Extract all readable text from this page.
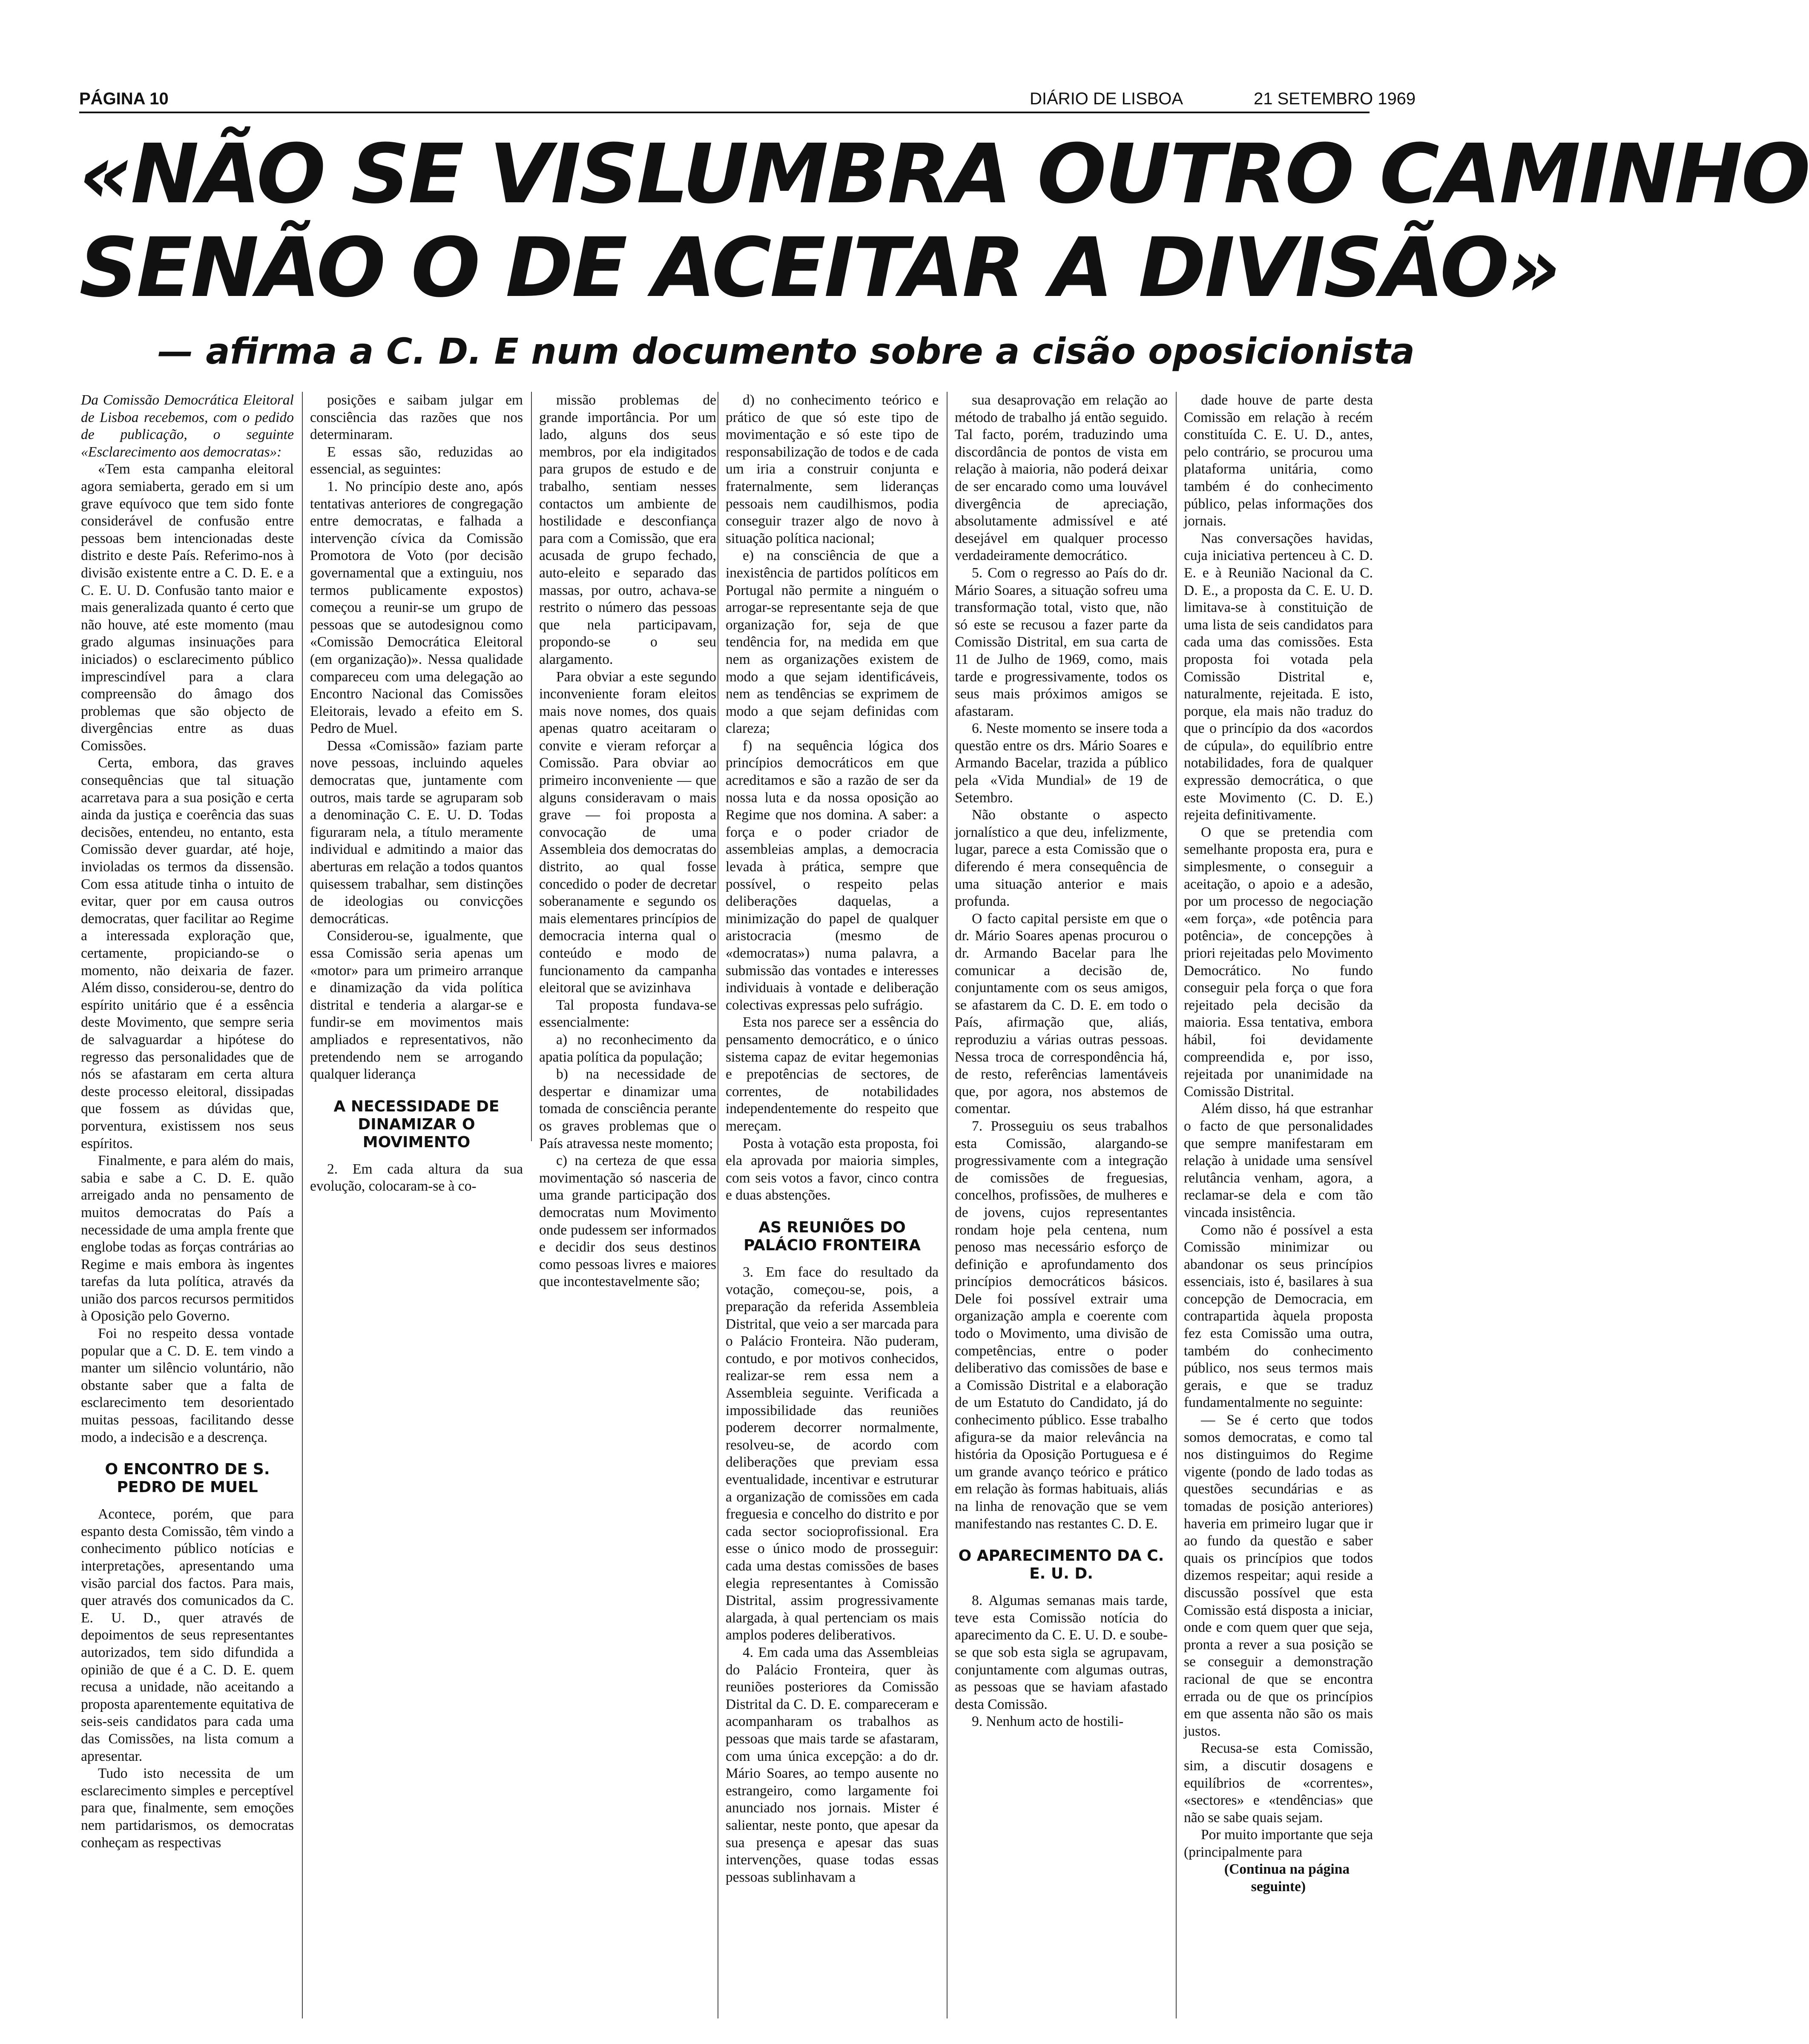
PÁGINA 10	DIÁRIO DE LISBOA	21 SETEMBRO 1969
«NÃO SE VISLUMBRA OUTRO CAMINHO
SENÃO O DE ACEITAR A DIVISÃO»
— afirma a C. D. E num documento sobre a cisão oposicionista

Da Comissão Democrática Eleitoral de Lisboa recebemos, com o pedido de publicação, o seguinte «Esclarecimento aos democratas»:

«Tem esta campanha eleitoral agora semiaberta, gerado em si um grave equívoco que tem sido fonte considerável de confusão entre pessoas bem intencionadas deste distrito e deste País. Referimo-nos à divisão existente entre a C. D. E. e a C. E. U. D. Confusão tanto maior e mais generalizada quanto é certo que não houve, até este momento (mau grado algumas insinuações para iniciados) o esclarecimento público imprescindível para a clara compreensão do âmago dos problemas que são objecto de divergências entre as duas Comissões.

Certa, embora, das graves consequências que tal situação acarretava para a sua posição e certa ainda da justiça e coerência das suas decisões, entendeu, no entanto, esta Comissão dever guardar, até hoje, invioladas os termos da dissensão. Com essa atitude tinha o intuito de evitar, quer por em causa outros democratas, quer facilitar ao Regime a interessada exploração que, certamente, propiciando-se o momento, não deixaria de fazer. Além disso, considerou-se, dentro do espírito unitário que é a essência deste Movimento, que sempre seria de salvaguardar a hipótese do regresso das personalidades que de nós se afastaram em certa altura deste processo eleitoral, dissipadas que fossem as dúvidas que, porventura, existissem nos seus espíritos.

Finalmente, e para além do mais, sabia e sabe a C. D. E. quão arreigado anda no pensamento de muitos democratas do País a necessidade de uma ampla frente que englobe todas as forças contrárias ao Regime e mais embora às ingentes tarefas da luta política, através da união dos parcos recursos permitidos à Oposição pelo Governo.

Foi no respeito dessa vontade popular que a C. D. E. tem vindo a manter um silêncio voluntário, não obstante saber que a falta de esclarecimento tem desorientado muitas pessoas, facilitando desse modo, a indecisão e a descrença.

O ENCONTRO DE S. PEDRO DE MUEL

Acontece, porém, que para espanto desta Comissão, têm vindo a conhecimento público notícias e interpretações, apresentando uma visão parcial dos factos. Para mais, quer através dos comunicados da C. E. U. D., quer através de depoimentos de seus representantes autorizados, tem sido difundida a opinião de que é a C. D. E. quem recusa a unidade, não aceitando a proposta aparentemente equitativa de seis-seis candidatos para cada uma das Comissões, na lista comum a apresentar.

Tudo isto necessita de um esclarecimento simples e perceptível para que, finalmente, sem emoções nem partidarismos, os democratas conheçam as respectivas

posições e saibam julgar em consciência das razões que nos determinaram.

E essas são, reduzidas ao essencial, as seguintes:

1. No princípio deste ano, após tentativas anteriores de congregação entre democratas, e falhada a intervenção cívica da Comissão Promotora de Voto (por decisão governamental que a extinguiu, nos termos publicamente expostos) começou a reunir-se um grupo de pessoas que se autodesignou como «Comissão Democrática Eleitoral (em organização)». Nessa qualidade compareceu com uma delegação ao Encontro Nacional das Comissões Eleitorais, levado a efeito em S. Pedro de Muel.

Dessa «Comissão» faziam parte nove pessoas, incluindo aqueles democratas que, juntamente com outros, mais tarde se agruparam sob a denominação C. E. U. D. Todas figuraram nela, a título meramente individual e admitindo a maior das aberturas em relação a todos quantos quisessem trabalhar, sem distinções de ideologias ou convicções democráticas.

Considerou-se, igualmente, que essa Comissão seria apenas um «motor» para um primeiro arranque e dinamização da vida política distrital e tenderia a alargar-se e fundir-se em movimentos mais ampliados e representativos, não pretendendo nem se arrogando qualquer liderança

A NECESSIDADE DE DINAMIZAR O MOVIMENTO

2. Em cada altura da sua evolução, colocaram-se à co-

missão problemas de grande importância. Por um lado, alguns dos seus membros, por ela indigitados para grupos de estudo e de trabalho, sentiam nesses contactos um ambiente de hostilidade e desconfiança para com a Comissão, que era acusada de grupo fechado, auto-eleito e separado das massas, por outro, achava-se restrito o número das pessoas que nela participavam, propondo-se o seu alargamento.

Para obviar a este segundo inconveniente foram eleitos mais nove nomes, dos quais apenas quatro aceitaram o convite e vieram reforçar a Comissão. Para obviar ao primeiro inconveniente — que alguns consideravam o mais grave — foi proposta a convocação de uma Assembleia dos democratas do distrito, ao qual fosse concedido o poder de decretar soberanamente e segundo os mais elementares princípios de democracia interna qual o conteúdo e modo de funcionamento da campanha eleitoral que se avizinhava

Tal proposta fundava-se essencialmente:

a) no reconhecimento da apatia política da população;

b) na necessidade de despertar e dinamizar uma tomada de consciência perante os graves problemas que o País atravessa neste momento;

c) na certeza de que essa movimentação só nasceria de uma grande participação dos democratas num Movimento onde pudessem ser informados e decidir dos seus destinos como pessoas livres e maiores que incontestavelmente são;

d) no conhecimento teórico e prático de que só este tipo de movimentação e só este tipo de responsabilização de todos e de cada um iria a construir conjunta e fraternalmente, sem lideranças pessoais nem caudilhismos, podia conseguir trazer algo de novo à situação política nacional;

e) na consciência de que a inexistência de partidos políticos em Portugal não permite a ninguém o arrogar-se representante seja de que organização for, seja de que tendência for, na medida em que nem as organizações existem de modo a que sejam identificáveis, nem as tendências se exprimem de modo a que sejam definidas com clareza;

f) na sequência lógica dos princípios democráticos em que acreditamos e são a razão de ser da nossa luta e da nossa oposição ao Regime que nos domina. A saber: a força e o poder criador de assembleias amplas, a democracia levada à prática, sempre que possível, o respeito pelas deliberações daquelas, a minimização do papel de qualquer aristocracia (mesmo de «democratas») numa palavra, a submissão das vontades e interesses individuais à vontade e deliberação colectivas expressas pelo sufrágio.

Esta nos parece ser a essência do pensamento democrático, e o único sistema capaz de evitar hegemonias e prepotências de sectores, de correntes, de notabilidades independentemente do respeito que mereçam.

Posta à votação esta proposta, foi ela aprovada por maioria simples, com seis votos a favor, cinco contra e duas abstenções.

AS REUNIÕES DO PALÁCIO FRONTEIRA

3. Em face do resultado da votação, começou-se, pois, a preparação da referida Assembleia Distrital, que veio a ser marcada para o Palácio Fronteira. Não puderam, contudo, e por motivos conhecidos, realizar-se rem essa nem a Assembleia seguinte. Verificada a impossibilidade das reuniões poderem decorrer normalmente, resolveu-se, de acordo com deliberações que previam essa eventualidade, incentivar e estruturar a organização de comissões em cada freguesia e concelho do distrito e por cada sector socioprofissional. Era esse o único modo de prosseguir: cada uma destas comissões de bases elegia representantes à Comissão Distrital, assim progressivamente alargada, à qual pertenciam os mais amplos poderes deliberativos.

4. Em cada uma das Assembleias do Palácio Fronteira, quer às reuniões posteriores da Comissão Distrital da C. D. E. compareceram e acompanharam os trabalhos as pessoas que mais tarde se afastaram, com uma única excepção: a do dr. Mário Soares, ao tempo ausente no estrangeiro, como largamente foi anunciado nos jornais. Mister é salientar, neste ponto, que apesar da sua presença e apesar das suas intervenções, quase todas essas pessoas sublinhavam a

sua desaprovação em relação ao método de trabalho já então seguido. Tal facto, porém, traduzindo uma discordância de pontos de vista em relação à maioria, não poderá deixar de ser encarado como uma louvável divergência de apreciação, absolutamente admissível e até desejável em qualquer processo verdadeiramente democrático.

5. Com o regresso ao País do dr. Mário Soares, a situação sofreu uma transformação total, visto que, não só este se recusou a fazer parte da Comissão Distrital, em sua carta de 11 de Julho de 1969, como, mais tarde e progressivamente, todos os seus mais próximos amigos se afastaram.

6. Neste momento se insere toda a questão entre os drs. Mário Soares e Armando Bacelar, trazida a público pela «Vida Mundial» de 19 de Setembro.

Não obstante o aspecto jornalístico a que deu, infelizmente, lugar, parece a esta Comissão que o diferendo é mera consequência de uma situação anterior e mais profunda.

O facto capital persiste em que o dr. Mário Soares apenas procurou o dr. Armando Bacelar para lhe comunicar a decisão de, conjuntamente com os seus amigos, se afastarem da C. D. E. em todo o País, afirmação que, aliás, reproduziu a várias outras pessoas. Nessa troca de correspondência há, de resto, referências lamentáveis que, por agora, nos abstemos de comentar.

7. Prosseguiu os seus trabalhos esta Comissão, alargando-se progressivamente com a integração de comissões de freguesias, concelhos, profissões, de mulheres e de jovens, cujos representantes rondam hoje pela centena, num penoso mas necessário esforço de definição e aprofundamento dos princípios democráticos básicos. Dele foi possível extrair uma organização ampla e coerente com todo o Movimento, uma divisão de competências, entre o poder deliberativo das comissões de base e a Comissão Distrital e a elaboração de um Estatuto do Candidato, já do conhecimento público. Esse trabalho afigura-se da maior relevância na história da Oposição Portuguesa e é um grande avanço teórico e prático em relação às formas habituais, aliás na linha de renovação que se vem manifestando nas restantes C. D. E.

O APARECIMENTO DA C. E. U. D.

8. Algumas semanas mais tarde, teve esta Comissão notícia do aparecimento da C. E. U. D. e soube-se que sob esta sigla se agrupavam, conjuntamente com algumas outras, as pessoas que se haviam afastado desta Comissão.

9. Nenhum acto de hostili-

dade houve de parte desta Comissão em relação à recém constituída C. E. U. D., antes, pelo contrário, se procurou uma plataforma unitária, como também é do conhecimento público, pelas informações dos jornais.

Nas conversações havidas, cuja iniciativa pertenceu à C. D. E. e à Reunião Nacional da C. D. E., a proposta da C. E. U. D. limitava-se à constituição de uma lista de seis candidatos para cada uma das comissões. Esta proposta foi votada pela Comissão Distrital e, naturalmente, rejeitada. E isto, porque, ela mais não traduz do que o princípio da dos «acordos de cúpula», do equilíbrio entre notabilidades, fora de qualquer expressão democrática, o que este Movimento (C. D. E.) rejeita definitivamente.

O que se pretendia com semelhante proposta era, pura e simplesmente, o conseguir a aceitação, o apoio e a adesão, por um processo de negociação «em força», «de potência para potência», de concepções à priori rejeitadas pelo Movimento Democrático. No fundo conseguir pela força o que fora rejeitado pela decisão da maioria. Essa tentativa, embora hábil, foi devidamente compreendida e, por isso, rejeitada por unanimidade na Comissão Distrital.

Além disso, há que estranhar o facto de que personalidades que sempre manifestaram em relação à unidade uma sensível relutância venham, agora, a reclamar-se dela e com tão vincada insistência.

Como não é possível a esta Comissão minimizar ou abandonar os seus princípios essenciais, isto é, basilares à sua concepção de Democracia, em contrapartida àquela proposta fez esta Comissão uma outra, também do conhecimento público, nos seus termos mais gerais, e que se traduz fundamentalmente no seguinte:

— Se é certo que todos somos democratas, e como tal nos distinguimos do Regime vigente (pondo de lado todas as questões secundárias e as tomadas de posição anteriores) haveria em primeiro lugar que ir ao fundo da questão e saber quais os princípios que todos dizemos respeitar; aqui reside a discussão possível que esta Comissão está disposta a iniciar, onde e com quem quer que seja, pronta a rever a sua posição se se conseguir a demonstração racional de que se encontra errada ou de que os princípios em que assenta não são os mais justos.

Recusa-se esta Comissão, sim, a discutir dosagens e equilíbrios de «correntes», «sectores» e «tendências» que não se sabe quais sejam.

Por muito importante que seja (principalmente para

(Continua na página seguinte)
